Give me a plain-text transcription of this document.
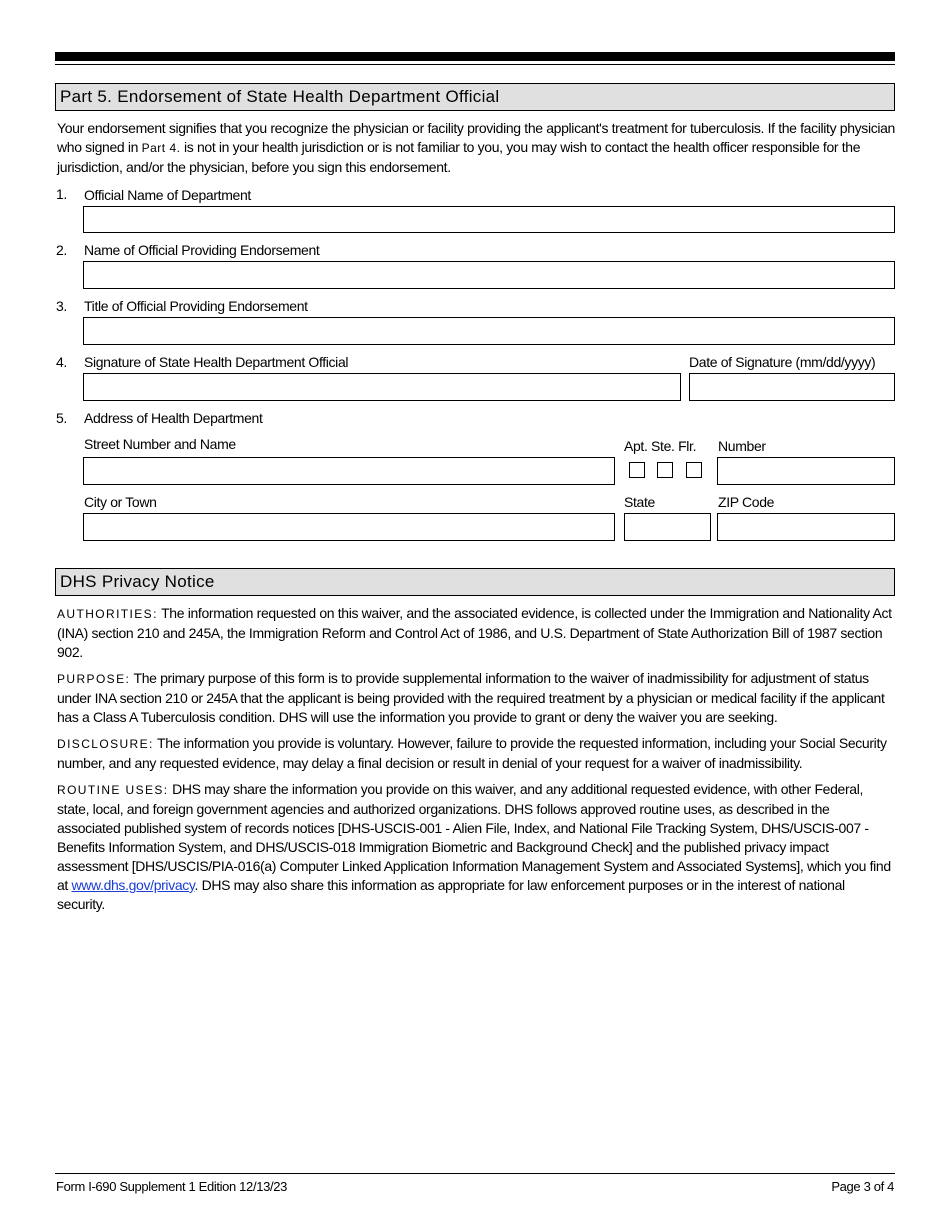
Part 5. Endorsement of State Health Department Official
Your endorsement signifies that you recognize the physician or facility providing the applicant's treatment for tuberculosis. If the facility physician who signed in Part 4. is not in your health jurisdiction or is not familiar to you, you may wish to contact the health officer responsible for the jurisdiction, and/or the physician, before you sign this endorsement.
1. Official Name of Department
2. Name of Official Providing Endorsement
3. Title of Official Providing Endorsement
4. Signature of State Health Department Official	Date of Signature (mm/dd/yyyy)
5. Address of Health Department
Street Number and Name	Apt. Ste. Flr. Number
City or Town	State	ZIP Code
DHS Privacy Notice

AUTHORITIES: The information requested on this waiver, and the associated evidence, is collected under the Immigration and Nationality Act (INA) section 210 and 245A, the Immigration Reform and Control Act of 1986, and U.S. Department of State Authorization Bill of 1987 section 902.

PURPOSE: The primary purpose of this form is to provide supplemental information to the waiver of inadmissibility for adjustment of status under INA section 210 or 245A that the applicant is being provided with the required treatment by a physician or medical facility if the applicant has a Class A Tuberculosis condition. DHS will use the information you provide to grant or deny the waiver you are seeking.

DISCLOSURE: The information you provide is voluntary. However, failure to provide the requested information, including your Social Security number, and any requested evidence, may delay a final decision or result in denial of your request for a waiver of inadmissibility.

ROUTINE USES: DHS may share the information you provide on this waiver, and any additional requested evidence, with other Federal, state, local, and foreign government agencies and authorized organizations. DHS follows approved routine uses, as described in the associated published system of records notices [DHS-USCIS-001 - Alien File, Index, and National File Tracking System, DHS/USCIS-007 - Benefits Information System, and DHS/USCIS-018 Immigration Biometric and Background Check] and the published privacy impact assessment [DHS/USCIS/PIA-016(a) Computer Linked Application Information Management System and Associated Systems], which you find at www.dhs.gov/privacy. DHS may also share this information as appropriate for law enforcement purposes or in the interest of national security.

Form I-690 Supplement 1 Edition 12/13/23	Page 3 of 4
